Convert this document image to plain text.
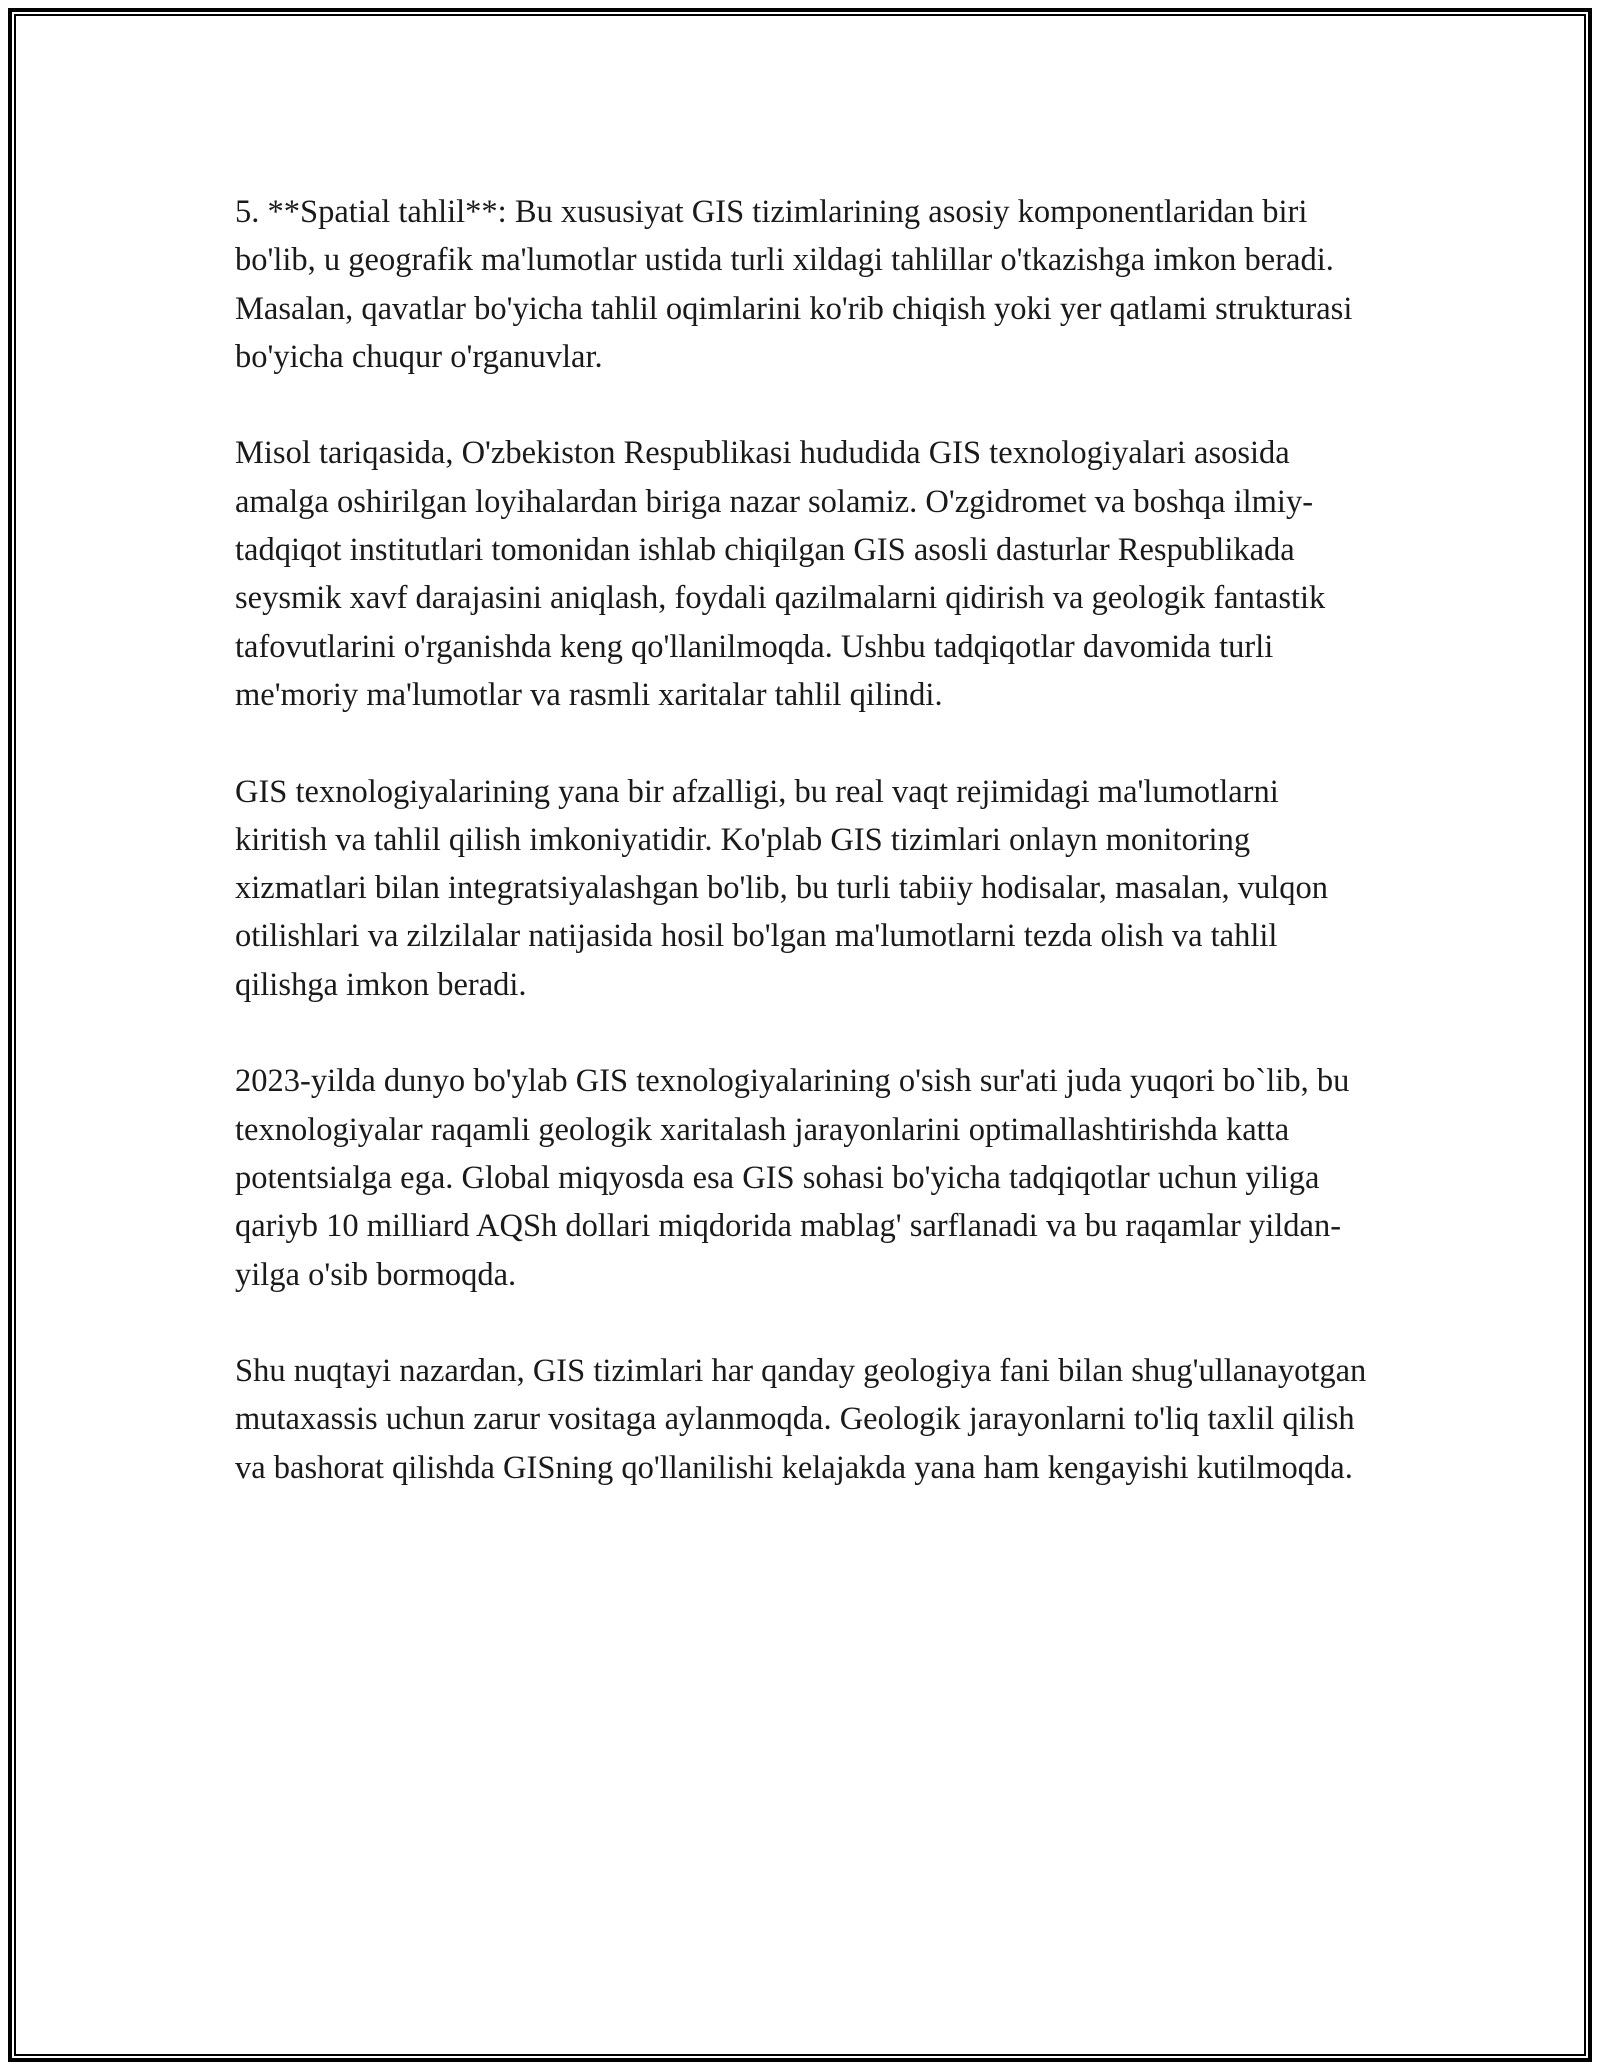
5. **Spatial tahlil**: Bu xususiyat GIS tizimlarining asosiy komponentlaridan biri bo'lib, u geografik ma'lumotlar ustida turli xildagi tahlillar o'tkazishga imkon beradi. Masalan, qavatlar bo'yicha tahlil oqimlarini ko'rib chiqish yoki yer qatlami strukturasi bo'yicha chuqur o'rganuvlar.

Misol tariqasida, O'zbekiston Respublikasi hududida GIS texnologiyalari asosida amalga oshirilgan loyihalardan biriga nazar solamiz. O'zgidromet va boshqa ilmiy-tadqiqot institutlari tomonidan ishlab chiqilgan GIS asosli dasturlar Respublikada seysmik xavf darajasini aniqlash, foydali qazilmalarni qidirish va geologik fantastik tafovutlarini o'rganishda keng qo'llanilmoqda. Ushbu tadqiqotlar davomida turli me'moriy ma'lumotlar va rasmli xaritalar tahlil qilindi.

GIS texnologiyalarining yana bir afzalligi, bu real vaqt rejimidagi ma'lumotlarni kiritish va tahlil qilish imkoniyatidir. Ko'plab GIS tizimlari onlayn monitoring xizmatlari bilan integratsiyalashgan bo'lib, bu turli tabiiy hodisalar, masalan, vulqon otilishlari va zilzilalar natijasida hosil bo'lgan ma'lumotlarni tezda olish va tahlil qilishga imkon beradi.

2023-yilda dunyo bo'ylab GIS texnologiyalarining o'sish sur'ati juda yuqori bo`lib, bu texnologiyalar raqamli geologik xaritalash jarayonlarini optimallashtirishda katta potentsialga ega. Global miqyosda esa GIS sohasi bo'yicha tadqiqotlar uchun yiliga qariyb 10 milliard AQSh dollari miqdorida mablag' sarflanadi va bu raqamlar yildan-yilga o'sib bormoqda.

Shu nuqtayi nazardan, GIS tizimlari har qanday geologiya fani bilan shug'ullanayotgan mutaxassis uchun zarur vositaga aylanmoqda. Geologik jarayonlarni to'liq taxlil qilish va bashorat qilishda GISning qo'llanilishi kelajakda yana ham kengayishi kutilmoqda.
